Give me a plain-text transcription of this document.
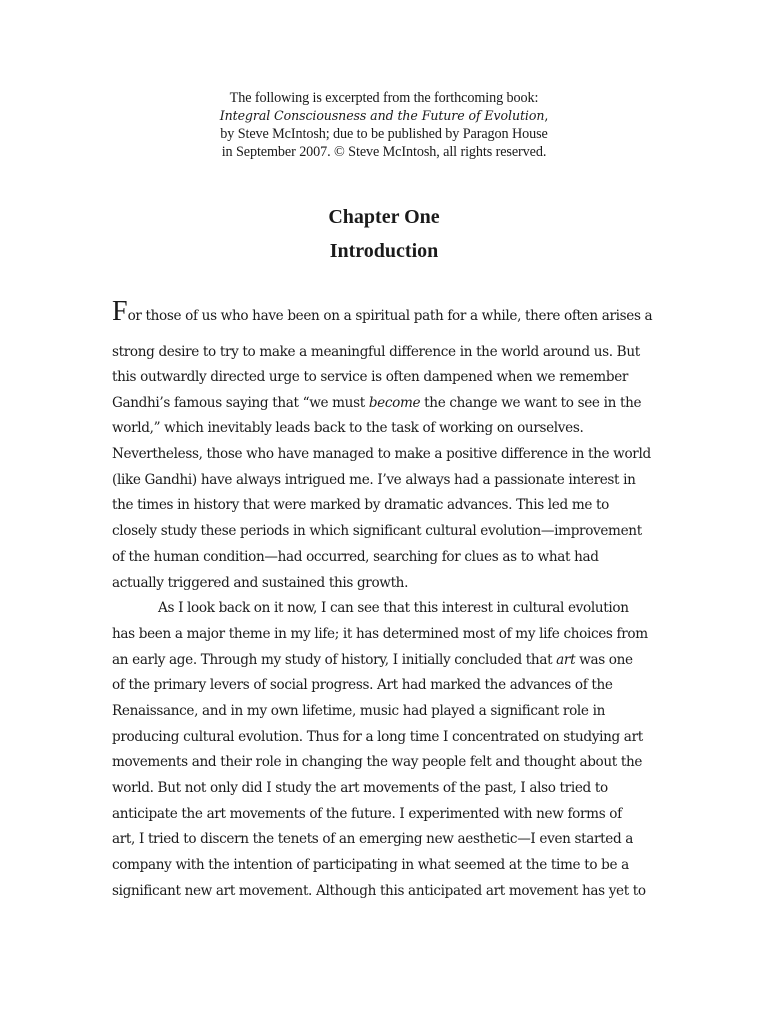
The following is excerpted from the forthcoming book:
Integral Consciousness and the Future of Evolution,
by Steve McIntosh; due to be published by Paragon House
in September 2007. © Steve McIntosh, all rights reserved.
Chapter One
Introduction
For those of us who have been on a spiritual path for a while, there often arises a
strong desire to try to make a meaningful difference in the world around us. But
this outwardly directed urge to service is often dampened when we remember
Gandhi’s famous saying that “we must become the change we want to see in the
world,” which inevitably leads back to the task of working on ourselves.
Nevertheless, those who have managed to make a positive difference in the world
(like Gandhi) have always intrigued me. I’ve always had a passionate interest in
the times in history that were marked by dramatic advances. This led me to
closely study these periods in which significant cultural evolution—improvement
of the human condition—had occurred, searching for clues as to what had
actually triggered and sustained this growth.
As I look back on it now, I can see that this interest in cultural evolution
has been a major theme in my life; it has determined most of my life choices from
an early age. Through my study of history, I initially concluded that art was one
of the primary levers of social progress. Art had marked the advances of the
Renaissance, and in my own lifetime, music had played a significant role in
producing cultural evolution. Thus for a long time I concentrated on studying art
movements and their role in changing the way people felt and thought about the
world. But not only did I study the art movements of the past, I also tried to
anticipate the art movements of the future. I experimented with new forms of
art, I tried to discern the tenets of an emerging new aesthetic—I even started a
company with the intention of participating in what seemed at the time to be a
significant new art movement. Although this anticipated art movement has yet to
